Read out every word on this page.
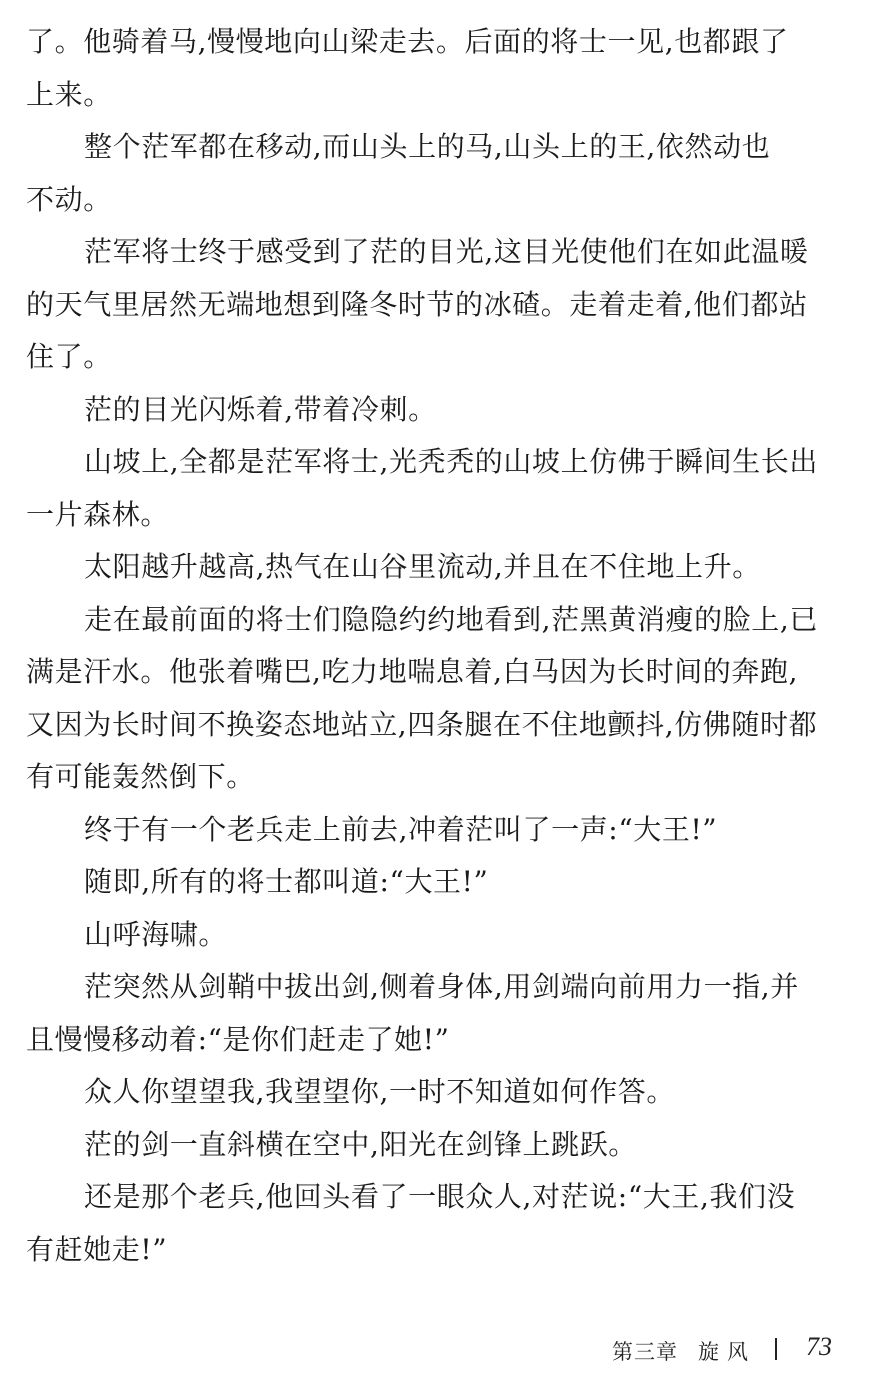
了。他骑着马,慢慢地向山梁走去。后面的将士一见,也都跟了
上来。
整个茫军都在移动,而山头上的马,山头上的王,依然动也
不动。
茫军将士终于感受到了茫的目光,这目光使他们在如此温暖
的天气里居然无端地想到隆冬时节的冰碴。走着走着,他们都站
住了。
茫的目光闪烁着,带着冷刺。
山坡上,全都是茫军将士,光秃秃的山坡上仿佛于瞬间生长出
一片森林。
太阳越升越高,热气在山谷里流动,并且在不住地上升。
走在最前面的将士们隐隐约约地看到,茫黑黄消瘦的脸上,已
满是汗水。他张着嘴巴,吃力地喘息着,白马因为长时间的奔跑,
又因为长时间不换姿态地站立,四条腿在不住地颤抖,仿佛随时都
有可能轰然倒下。
终于有一个老兵走上前去,冲着茫叫了一声:“大王!”
随即,所有的将士都叫道:“大王!”
山呼海啸。
茫突然从剑鞘中拔出剑,侧着身体,用剑端向前用力一指,并
且慢慢移动着:“是你们赶走了她!”
众人你望望我,我望望你,一时不知道如何作答。
茫的剑一直斜横在空中,阳光在剑锋上跳跃。
还是那个老兵,他回头看了一眼众人,对茫说:“大王,我们没
有赶她走!”
第三章 旋风 73
